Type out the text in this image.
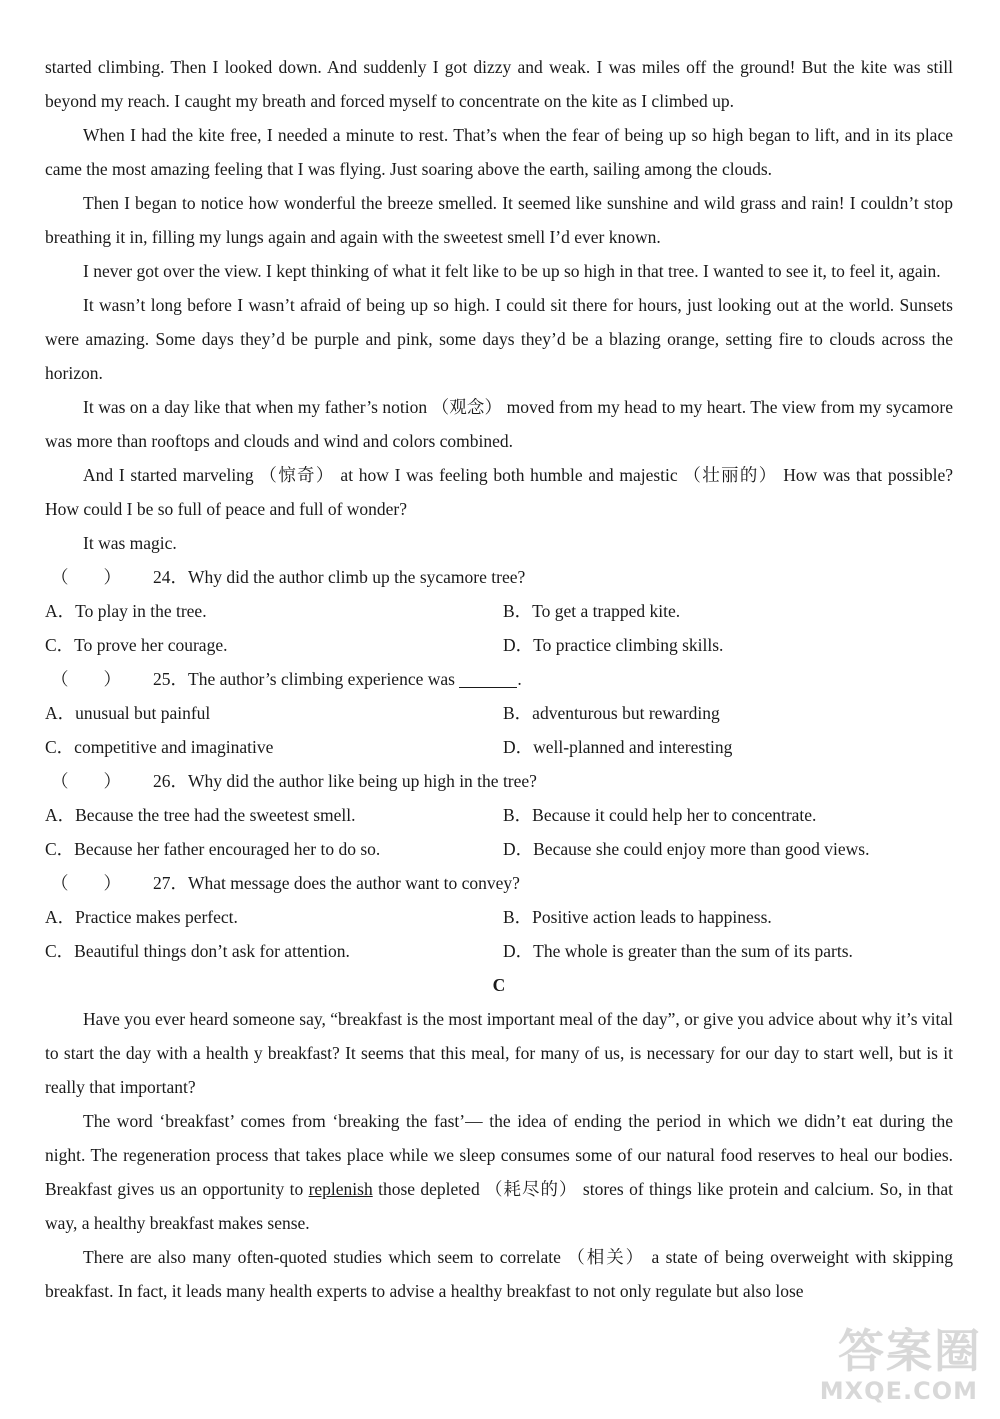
started climbing. Then I looked down. And suddenly I got dizzy and weak. I was miles off the ground! But the kite was still beyond my reach. I caught my breath and forced myself to concentrate on the kite as I climbed up.

When I had the kite free, I needed a minute to rest. That’s when the fear of being up so high began to lift, and in its place came the most amazing feeling that I was flying. Just soaring above the earth, sailing among the clouds.

Then I began to notice how wonderful the breeze smelled. It seemed like sunshine and wild grass and rain! I couldn’t stop breathing it in, filling my lungs again and again with the sweetest smell I’d ever known.

I never got over the view. I kept thinking of what it felt like to be up so high in that tree. I wanted to see it, to feel it, again.

It wasn’t long before I wasn’t afraid of being up so high. I could sit there for hours, just looking out at the world. Sunsets were amazing. Some days they’d be purple and pink, some days they’d be a blazing orange, setting fire to clouds across the horizon.

It was on a day like that when my father’s notion （观念） moved from my head to my heart. The view from my sycamore was more than rooftops and clouds and wind and colors combined.

And I started marveling （惊奇） at how I was feeling both humble and majestic （壮丽的） How was that possible? How could I be so full of peace and full of wonder?

It was magic.

（　　） 24．Why did the author climb up the sycamore tree?
A．To play in the tree.	B．To get a trapped kite.
C．To prove her courage.	D．To practice climbing skills.
（　　） 25．The author’s climbing experience was	.
A．unusual but painful	B．adventurous but rewarding
C．competitive and imaginative	D．well-planned and interesting
（　　） 26．Why did the author like being up high in the tree?
A．Because the tree had the sweetest smell.	B．Because it could help her to concentrate.
C．Because her father encouraged her to do so.	D．Because she could enjoy more than good views.
（　　） 27．What message does the author want to convey?
A．Practice makes perfect.	B．Positive action leads to happiness.
C．Beautiful things don’t ask for attention.	D．The whole is greater than the sum of its parts.
C

Have you ever heard someone say, “breakfast is the most important meal of the day”, or give you advice about why it’s vital to start the day with a health y breakfast? It seems that this meal, for many of us, is necessary for our day to start well, but is it really that important?

The word ‘breakfast’ comes from ‘breaking the fast’— the idea of ending the period in which we didn’t eat during the night. The regeneration process that takes place while we sleep consumes some of our natural food reserves to heal our bodies. Breakfast gives us an opportunity to replenish those depleted （耗尽的） stores of things like protein and calcium. So, in that way, a healthy breakfast makes sense.

There are also many often-quoted studies which seem to correlate （相关） a state of being overweight with skipping breakfast. In fact, it leads many health experts to advise a healthy breakfast to not only regulate but also lose

答案圈
MXQE.COM
